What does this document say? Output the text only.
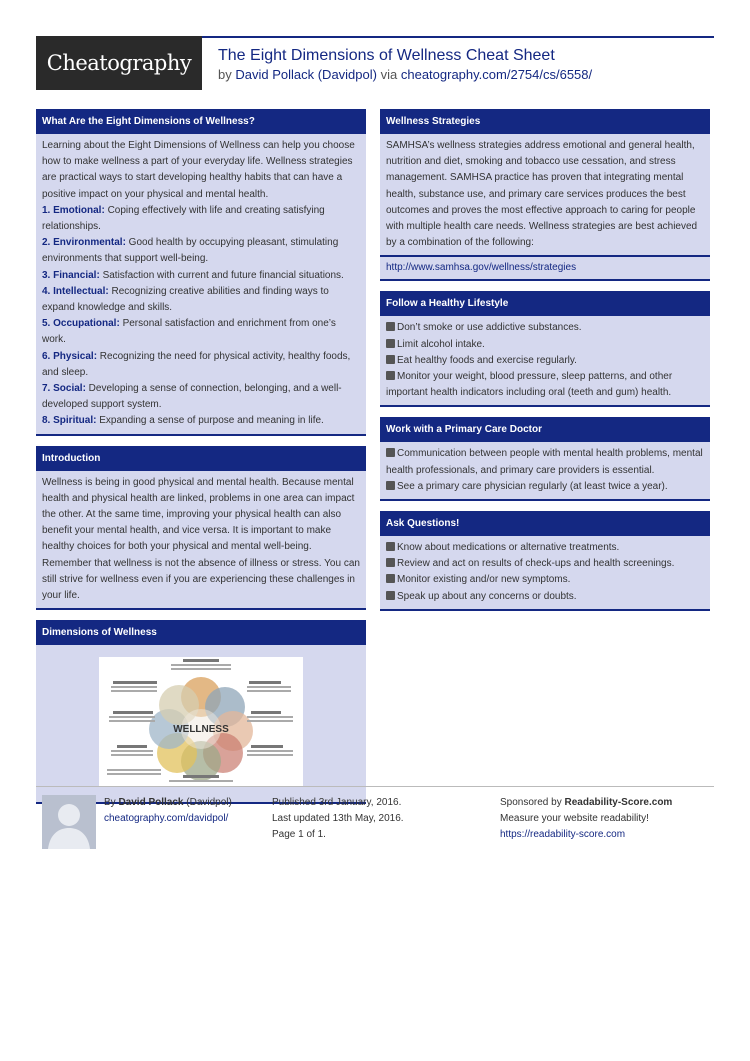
Cheatography	The Eight Dimensions of Wellness Cheat Sheet
by David Pollack (Davidpol) via cheatography.com/2754/cs/6558/
What Are the Eight Dimensions of Wellness?
Learning about the Eight Dimensions of Wellness can help you choose how to make wellness a part of your everyday life. Wellness strategies are practical ways to start developing healthy habits that can have a positive impact on your physical and mental health.
1. Emotional: Coping effectively with life and creating satisfying relationships.
2. Environmental: Good health by occupying pleasant, stimulating environments that support well-being.
3. Financial: Satisfaction with current and future financial situations.
4. Intellectual: Recognizing creative abilities and finding ways to expand knowledge and skills.
5. Occupational: Personal satisfaction and enrichment from one’s work.
6. Physical: Recognizing the need for physical activity, healthy foods, and sleep.
7. Social: Developing a sense of connection, belonging, and a well-developed support system.
8. Spiritual: Expanding a sense of purpose and meaning in life.
Introduction
Wellness is being in good physical and mental health. Because mental health and physical health are linked, problems in one area can impact the other. At the same time, improving your physical health can also benefit your mental health, and vice versa. It is important to make healthy choices for both your physical and mental well-being.
Remember that wellness is not the absence of illness or stress. You can still strive for wellness even if you are experiencing these challenges in your life.
Dimensions of Wellness
WELLNESS
Wellness Strategies
SAMHSA’s wellness strategies address emotional and general health, nutrition and diet, smoking and tobacco use cessation, and stress management. SAMHSA practice has proven that integrating mental health, substance use, and primary care services produces the best outcomes and proves the most effective approach to caring for people with multiple health care needs. Wellness strategies are best achieved by a combination of the following:
http://www.samhsa.gov/wellness/strategies
Follow a Healthy Lifestyle
Don’t smoke or use addictive substances.
Limit alcohol intake.
Eat healthy foods and exercise regularly.
Monitor your weight, blood pressure, sleep patterns, and other important health indicators including oral (teeth and gum) health.
Work with a Primary Care Doctor
Communication between people with mental health problems, mental health professionals, and primary care providers is essential.
See a primary care physician regularly (at least twice a year).
Ask Questions!
Know about medications or alternative treatments.
Review and act on results of check-ups and health screenings.
Monitor existing and/or new symptoms.
Speak up about any concerns or doubts.
By David Pollack (Davidpol)
cheatography.com/davidpol/
Published 3rd January, 2016.
Last updated 13th May, 2016.
Page 1 of 1.
Sponsored by Readability-Score.com
Measure your website readability!
https://readability-score.com
